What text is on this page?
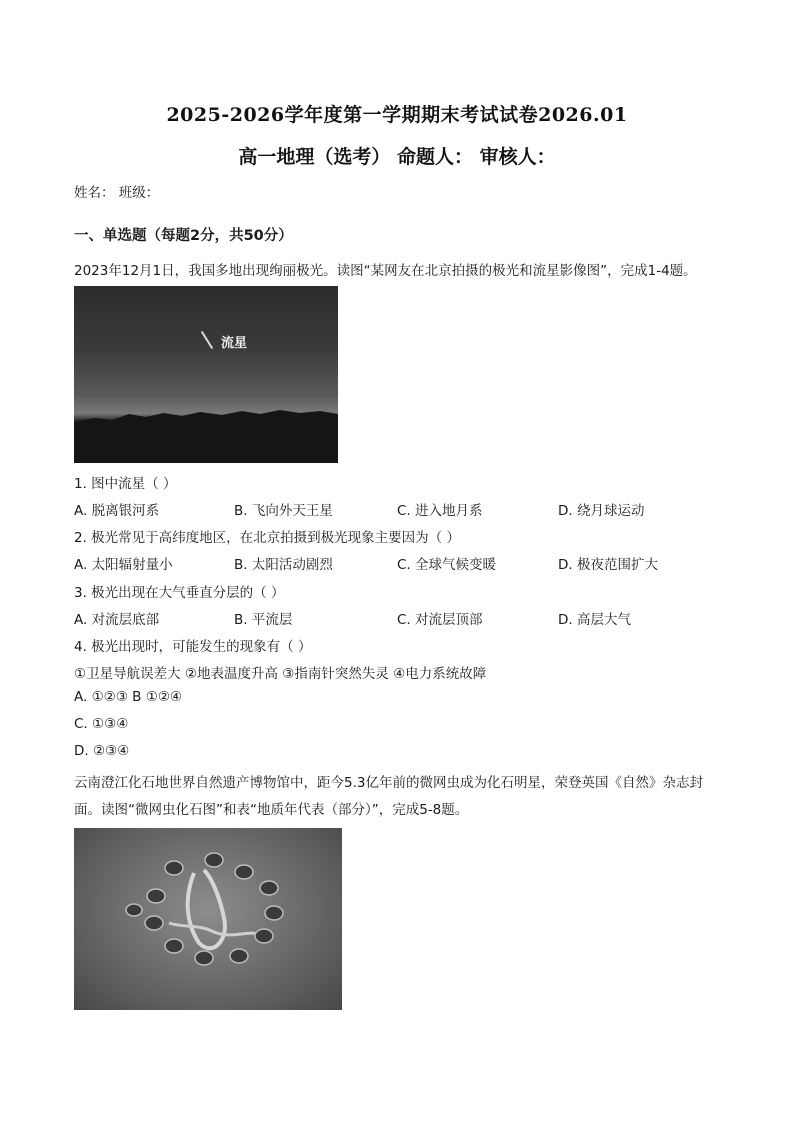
2025-2026学年度第一学期期末考试试卷2026.01
高一地理（选考） 命题人： 审核人：
姓名： 班级：
一、单选题（每题2分，共50分）
2023年12月1日，我国多地出现绚丽极光。读图“某网友在北京拍摄的极光和流星影像图”，完成1-4题。
流星
1. 图中流星（ ）
A. 脱离银河系	B. 飞向外天王星	C. 进入地月系	D. 绕月球运动
2. 极光常见于高纬度地区，在北京拍摄到极光现象主要因为（ ）
A. 太阳辐射量小	B. 太阳活动剧烈	C. 全球气候变暖	D. 极夜范围扩大
3. 极光出现在大气垂直分层的（ ）
A. 对流层底部	B. 平流层	C. 对流层顶部	D. 高层大气
4. 极光出现时，可能发生的现象有（ ）
①卫星导航误差大 ②地表温度升高 ③指南针突然失灵 ④电力系统故障
A. ①②③ B ①②④
C. ①③④
D. ②③④
云南澄江化石地世界自然遗产博物馆中，距今5.3亿年前的微网虫成为化石明星，荣登英国《自然》杂志封
面。读图“微网虫化石图”和表“地质年代表（部分）”，完成5-8题。
